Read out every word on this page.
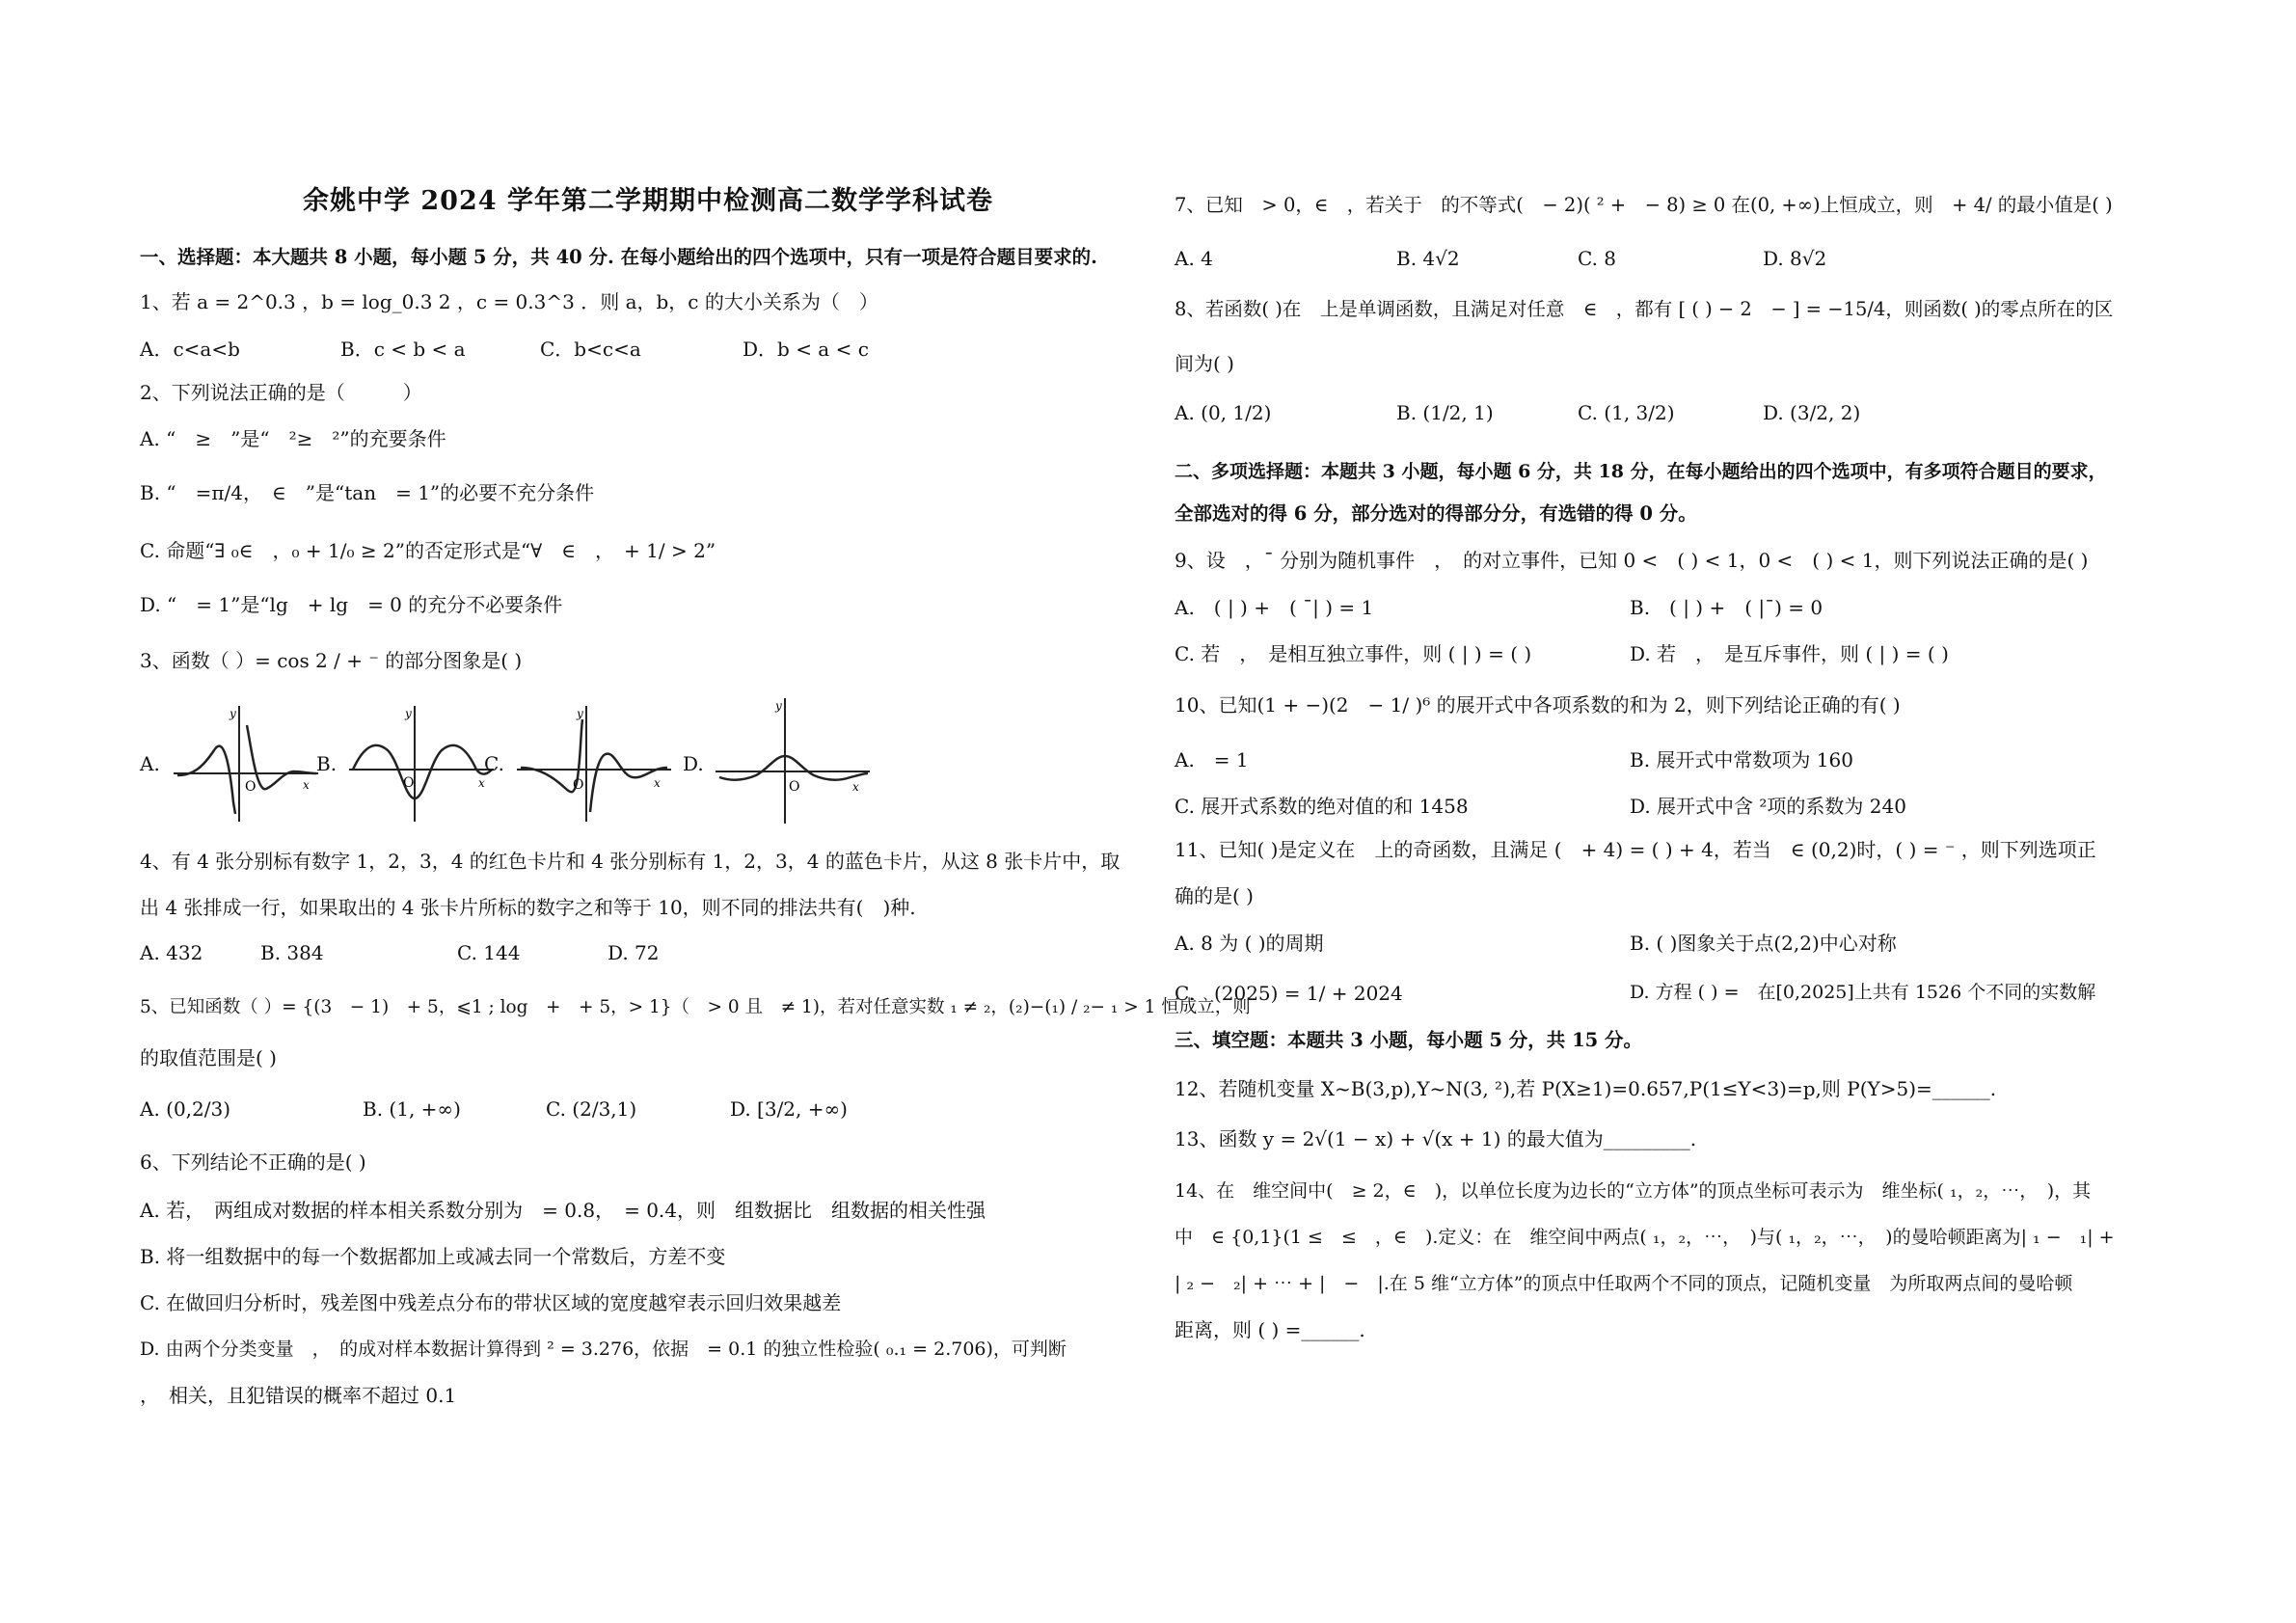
余姚中学 2024 学年第二学期期中检测高二数学学科试卷
一、选择题：本大题共 8 小题，每小题 5 分，共 40 分. 在每小题给出的四个选项中，只有一项是符合题目要求的.
1、若 a = 2^0.3 ，b = log_0.3 2 ，c = 0.3^3 ．则 a，b，c 的大小关系为（　）
A．c<a<b	B．c < b < a	C．b<c<a	D．b < a < c
2、下列说法正确的是（　　　）
A. “　≥　”是“　²≥　²”的充要条件
B. “　=π/4，　∈　”是“tan　= 1”的必要不充分条件
C. 命题“∃ ₀∈　，₀ + 1/₀ ≥ 2”的否定形式是“∀　∈　，　+ 1/ > 2”
D. “　= 1”是“lg　+ lg　= 0 的充分不必要条件
3、函数（ ）= cos 2 / + ⁻ 的部分图象是( )
A.
y
O	x
B.
y
O	x
C.
y
O	x
D.
y
O	x
4、有 4 张分别标有数字 1，2，3，4 的红色卡片和 4 张分别标有 1，2，3，4 的蓝色卡片，从这 8 张卡片中，取
出 4 张排成一行，如果取出的 4 张卡片所标的数字之和等于 10，则不同的排法共有(　)种.
A. 432	B. 384	C. 144	D. 72
5、已知函数（ ）= {(3　− 1)　+ 5，⩽1 ; log　+　+ 5，> 1}（　> 0 且　≠ 1)，若对任意实数 ₁ ≠ ₂，(₂)−(₁) / ₂− ₁ > 1 恒成立，则
的取值范围是( )
A. (0,2/3)	B. (1, +∞)	C. (2/3,1)	D. [3/2, +∞)
6、下列结论不正确的是( )
A. 若，　两组成对数据的样本相关系数分别为　= 0.8，　= 0.4，则　组数据比　组数据的相关性强
B. 将一组数据中的每一个数据都加上或减去同一个常数后，方差不变
C. 在做回归分析时，残差图中残差点分布的带状区域的宽度越窄表示回归效果越差
D. 由两个分类变量　，　的成对样本数据计算得到 ² = 3.276，依据　= 0.1 的独立性检验( ₀.₁ = 2.706)，可判断
，　相关，且犯错误的概率不超过 0.1
7、已知　> 0，∈　，若关于　的不等式(　− 2)( ² +　− 8) ≥ 0 在(0, +∞)上恒成立，则　+ 4/ 的最小值是( )
A. 4	B. 4√2	C. 8	D. 8√2
8、若函数( )在　上是单调函数，且满足对任意　∈　，都有 [ ( ) − 2　− ] = −15/4，则函数( )的零点所在的区
间为( )
A. (0, 1/2)	B. (1/2, 1)	C. (1, 3/2)	D. (3/2, 2)
二、多项选择题：本题共 3 小题，每小题 6 分，共 18 分，在每小题给出的四个选项中，有多项符合题目的要求，
全部选对的得 6 分，部分选对的得部分分，有选错的得 0 分。
9、设　，¯ 分别为随机事件　，　的对立事件，已知 0 <　( ) < 1，0 <　( ) < 1，则下列说法正确的是( )
A.　( | ) +　( ¯| ) = 1	B.　( | ) +　( |¯) = 0
C. 若　，　是相互独立事件，则 ( | ) = ( )	D. 若　，　是互斥事件，则 ( | ) = ( )
10、已知(1 + −)(2　− 1/ )⁶ 的展开式中各项系数的和为 2，则下列结论正确的有( )
A.　= 1	B. 展开式中常数项为 160
C. 展开式系数的绝对值的和 1458	D. 展开式中含 ²项的系数为 240
11、已知( )是定义在　上的奇函数，且满足 (　+ 4) = ( ) + 4，若当　∈ (0,2)时，( ) = ⁻ ，则下列选项正
确的是( )
A. 8 为 ( )的周期	B. ( )图象关于点(2,2)中心对称
C.　(2025) = 1/ + 2024	D. 方程 ( ) =　在[0,2025]上共有 1526 个不同的实数解
三、填空题：本题共 3 小题，每小题 5 分，共 15 分。
12、若随机变量 X~B(3,p),Y~N(3, ²),若 P(X≥1)=0.657,P(1≤Y<3)=p,则 P(Y>5)=______.
13、函数 y = 2√(1 − x) + √(x + 1) 的最大值为_________.
14、在　维空间中(　≥ 2，∈　)，以单位长度为边长的“立方体”的顶点坐标可表示为　维坐标( ₁，₂，⋯，　)，其
中　∈ {0,1}(1 ≤　≤　，∈　).定义：在　维空间中两点( ₁，₂，⋯，　)与( ₁，₂，⋯，　)的曼哈顿距离为| ₁ −　₁| +
| ₂ −　₂| + ⋯ + |　−　|.在 5 维“立方体”的顶点中任取两个不同的顶点，记随机变量　为所取两点间的曼哈顿
距离，则 ( ) =______.
